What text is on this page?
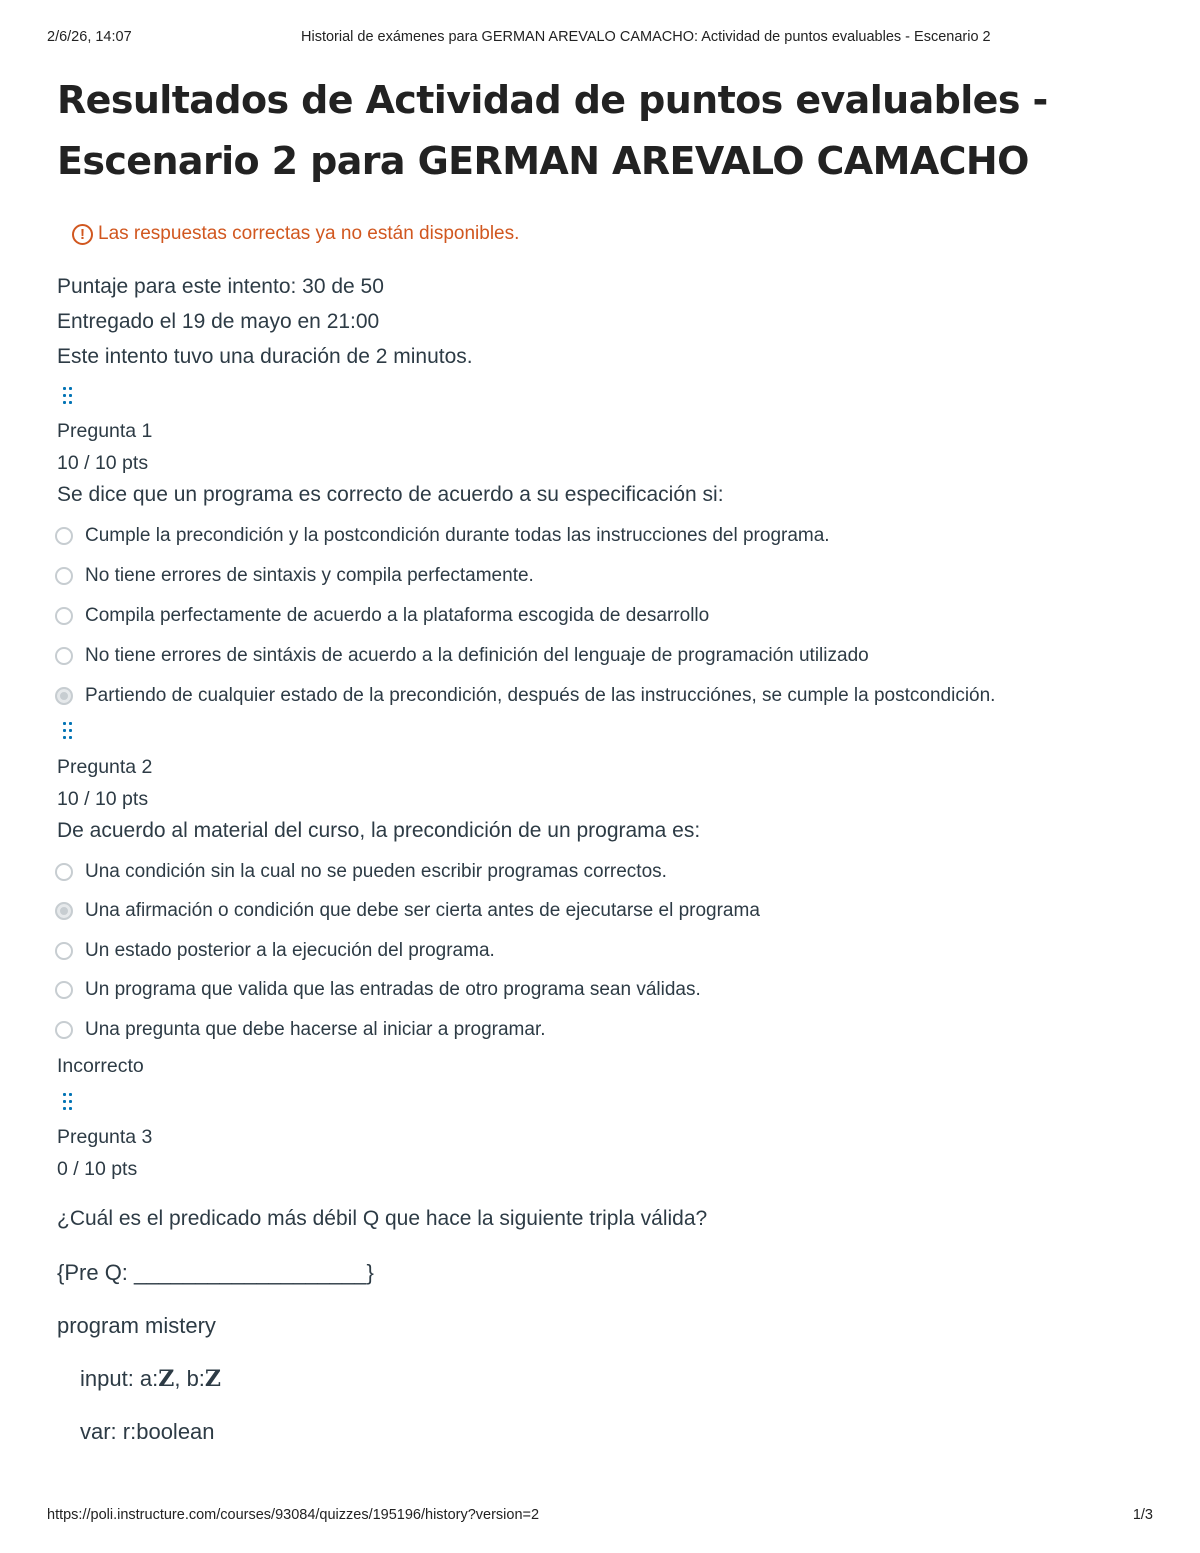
2/6/26, 14:07	Historial de exámenes para GERMAN AREVALO CAMACHO: Actividad de puntos evaluables - Escenario 2
Resultados de Actividad de puntos evaluables -
Escenario 2 para GERMAN AREVALO CAMACHO
! Las respuestas correctas ya no están disponibles.
Puntaje para este intento: 30 de 50
Entregado el 19 de mayo en 21:00
Este intento tuvo una duración de 2 minutos.
Pregunta 1
10 / 10 pts
Se dice que un programa es correcto de acuerdo a su especificación si:
Cumple la precondición y la postcondición durante todas las instrucciones del programa.
No tiene errores de sintaxis y compila perfectamente.
Compila perfectamente de acuerdo a la plataforma escogida de desarrollo
No tiene errores de sintáxis de acuerdo a la definición del lenguaje de programación utilizado
Partiendo de cualquier estado de la precondición, después de las instrucciónes, se cumple la postcondición.
Pregunta 2
10 / 10 pts
De acuerdo al material del curso, la precondición de un programa es:
Una condición sin la cual no se pueden escribir programas correctos.
Una afirmación o condición que debe ser cierta antes de ejecutarse el programa
Un estado posterior a la ejecución del programa.
Un programa que valida que las entradas de otro programa sean válidas.
Una pregunta que debe hacerse al iniciar a programar.
Incorrecto
Pregunta 3
0 / 10 pts
¿Cuál es el predicado más débil Q que hace la siguiente tripla válida?
{Pre Q: ___________________}
program mistery
input: a:Z, b:Z
var: r:boolean
https://poli.instructure.com/courses/93084/quizzes/195196/history?version=2	1/3
